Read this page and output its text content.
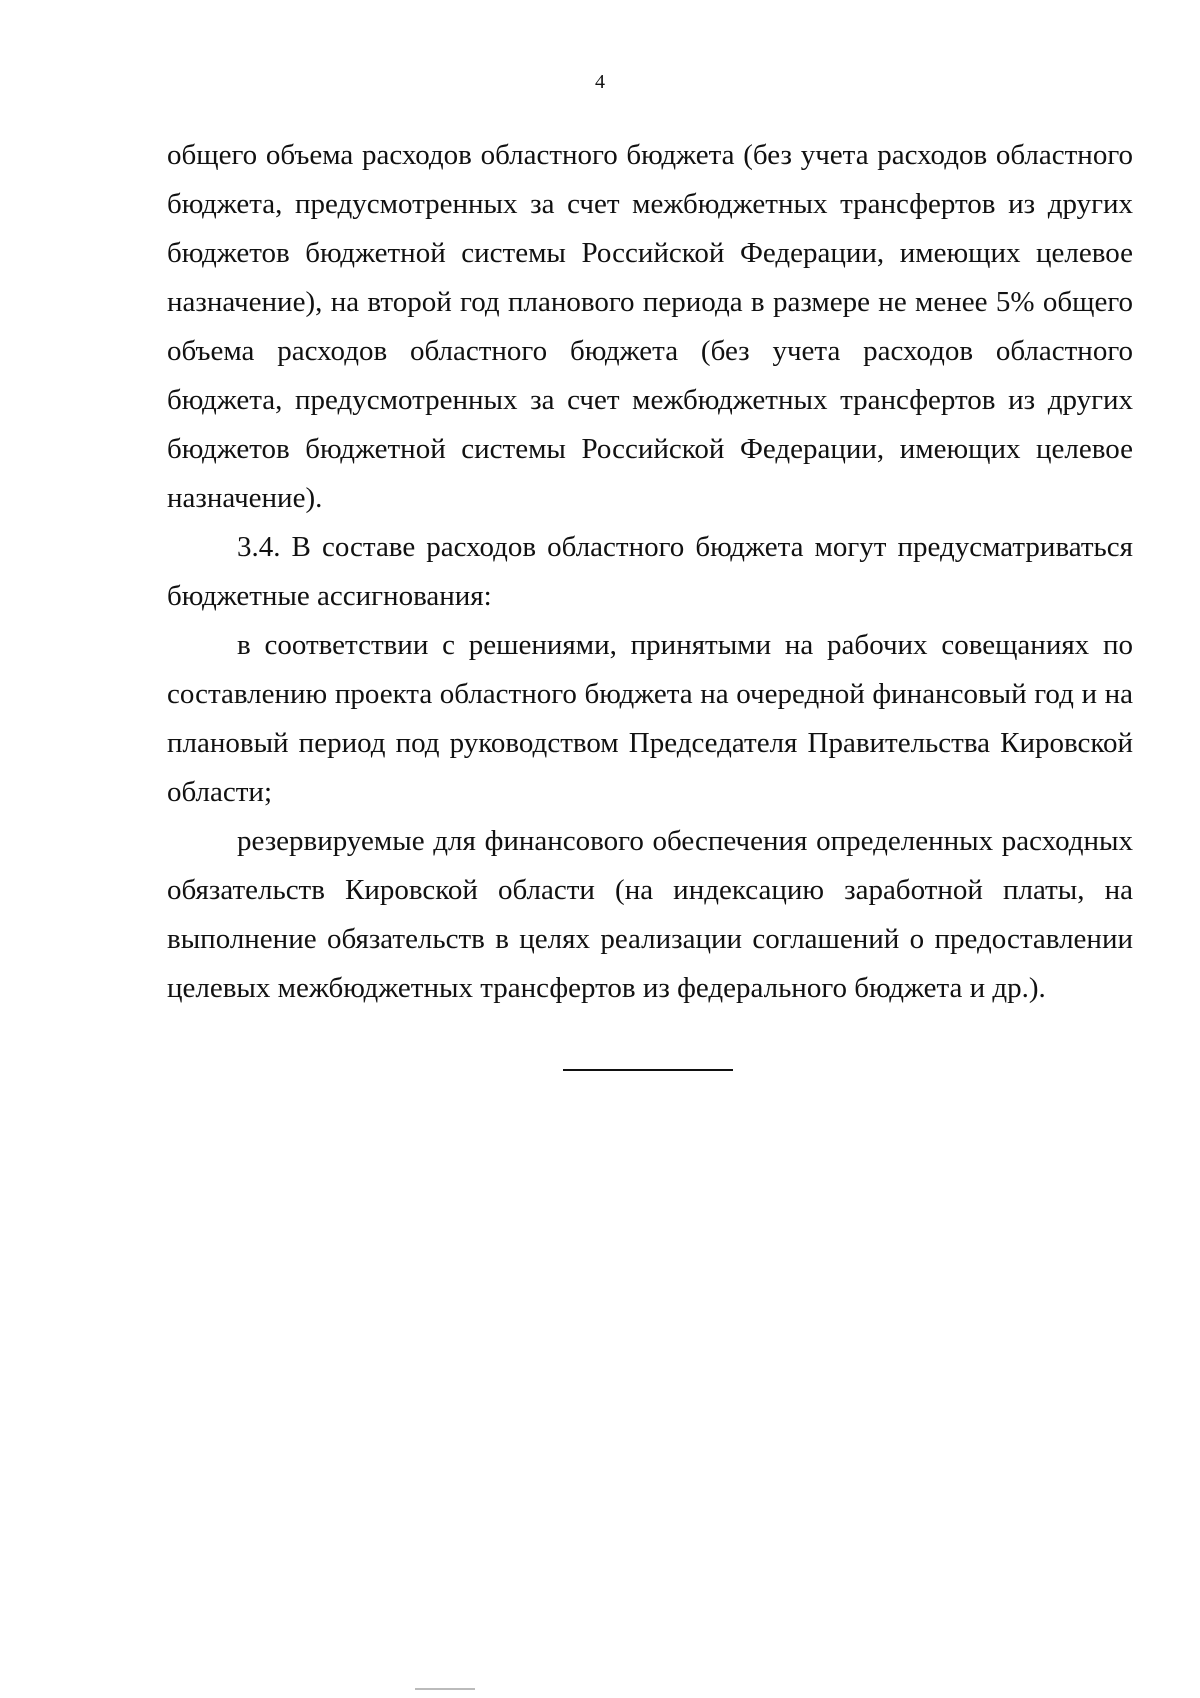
4

общего объема расходов областного бюджета (без учета расходов областного бюджета, предусмотренных за счет межбюджетных трансфертов из других бюджетов бюджетной системы Российской Федерации, имеющих целевое назначение), на второй год планового периода в размере не менее 5% общего объема расходов областного бюджета (без учета расходов областного бюджета, предусмотренных за счет межбюджетных трансфертов из других бюджетов бюджетной системы Российской Федерации, имеющих целевое назначение).

3.4. В составе расходов областного бюджета могут предусматриваться бюджетные ассигнования:

в соответствии с решениями, принятыми на рабочих совещаниях по составлению проекта областного бюджета на очередной финансовый год и на плановый период под руководством Председателя Правительства Кировской области;

резервируемые для финансового обеспечения определенных расходных обязательств Кировской области (на индексацию заработной платы, на выполнение обязательств в целях реализации соглашений о предоставлении целевых межбюджетных трансфертов из федерального бюджета и др.).
